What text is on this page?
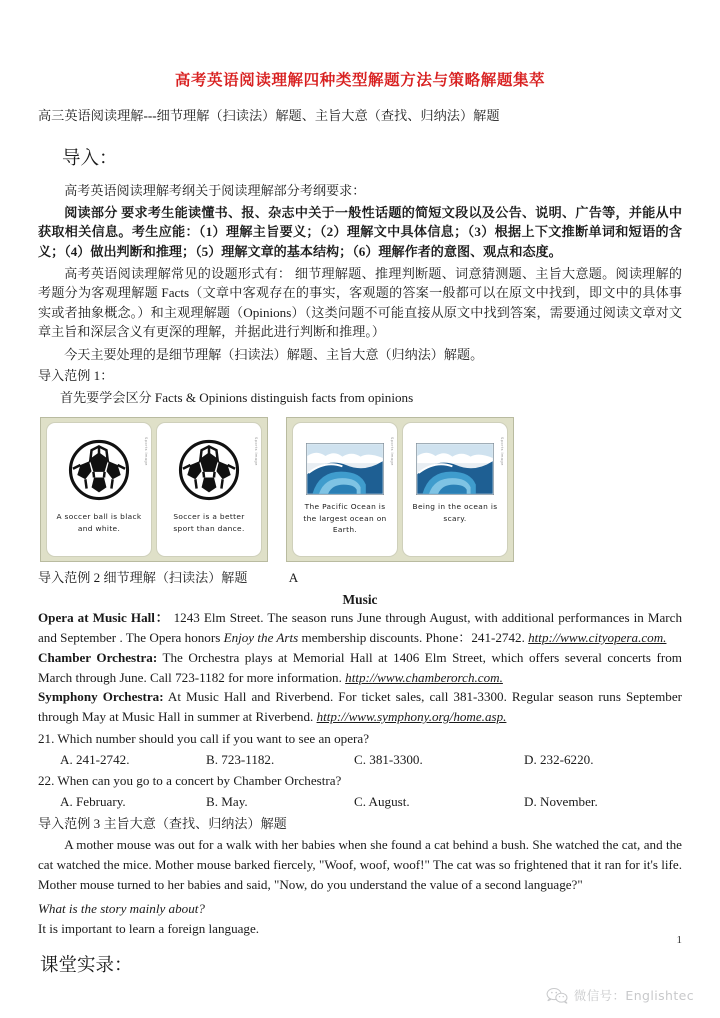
高考英语阅读理解四种类型解题方法与策略解题集萃

高三英语阅读理解---细节理解（扫读法）解题、主旨大意（查找、归纳法）解题

导入：

高考英语阅读理解考纲关于阅读理解部分考纲要求：

阅读部分 要求考生能读懂书、报、杂志中关于一般性话题的简短文段以及公告、说明、广告等，并能从中获取相关信息。考生应能：（1）理解主旨要义；（2）理解文中具体信息；（3）根据上下文推断单词和短语的含义；（4）做出判断和推理；（5）理解文章的基本结构；（6）理解作者的意图、观点和态度。

高考英语阅读理解常见的设题形式有： 细节理解题、推理判断题、词意猜测题、主旨大意题。阅读理解的考题分为客观理解题 Facts（文章中客观存在的事实，客观题的答案一般都可以在原文中找到，即文中的具体事实或者抽象概念。）和主观理解题（Opinions）（这类问题不可能直接从原文中找到答案，需要通过阅读文章对文章主旨和深层含义有更深的理解，并据此进行判断和推理。）

今天主要处理的是细节理解（扫读法）解题、主旨大意（归纳法）解题。

导入范例 1：

首先要学会区分 Facts & Opinions distinguish facts from opinions

A soccer ball is black and white.
Sports Image
Soccer is a better sport than dance.
Sports Image
The Pacific Ocean is the largest ocean on Earth.
Sports Image
Being in the ocean is scary.
Sports Image

导入范例 2 细节理解（扫读法）解题	A

Music

Opera at Music Hall： 1243 Elm Street. The season runs June through August, with additional performances in March and September . The Opera honors Enjoy the Arts membership discounts. Phone：241-2742. http://www.cityopera.com.

Chamber Orchestra: The Orchestra plays at Memorial Hall at 1406 Elm Street, which offers several concerts from March through June. Call 723-1182 for more information. http://www.chamberorch.com.

Symphony Orchestra: At Music Hall and Riverbend. For ticket sales, call 381-3300. Regular season runs September through May at Music Hall in summer at Riverbend. http://www.symphony.org/home.asp.

21. Which number should you call if you want to see an opera?

A. 241-2742.	B. 723-1182.	C. 381-3300.	D. 232-6220.

22. When can you go to a concert by Chamber Orchestra?

A. February.	B. May.	C. August.	D. November.

导入范例 3 主旨大意（查找、归纳法）解题

A mother mouse was out for a walk with her babies when she found a cat behind a bush. She watched the cat, and the cat watched the mice. Mother mouse barked fiercely, "Woof, woof, woof!" The cat was so frightened that it ran for it's life. Mother mouse turned to her babies and said, "Now, do you understand the value of a second language?"

What is the story mainly about?

It is important to learn a foreign language.

课堂实录：
1
微信号：Englishtec
